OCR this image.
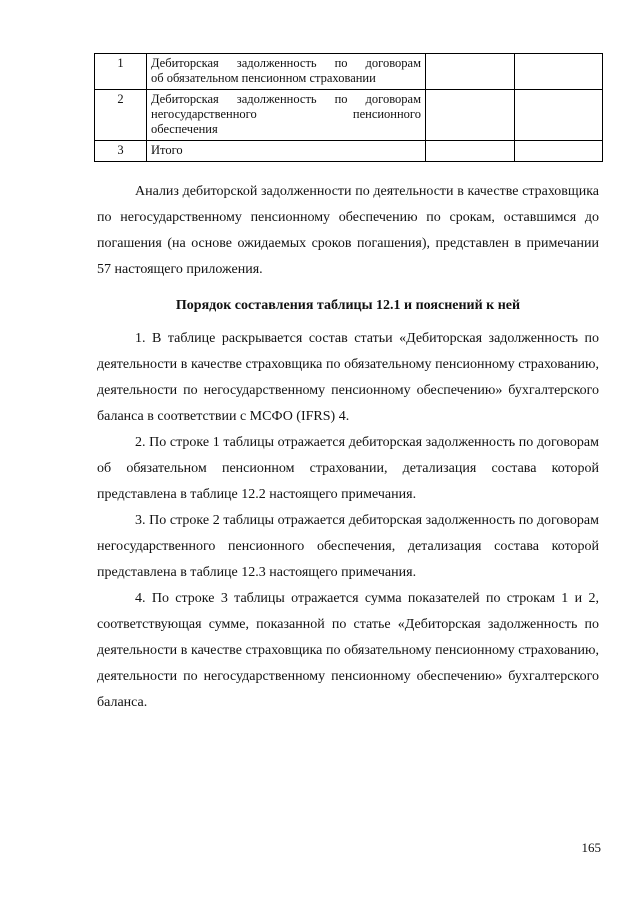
1	Дебиторская задолженность по договорам
об обязательном пенсионном страховании		

2	Дебиторская задолженность по договорам
негосударственного пенсионного
обеспечения		

3	Итого		

Анализ дебиторской задолженности по деятельности в качестве страховщика по негосударственному пенсионному обеспечению по срокам, оставшимся до погашения (на основе ожидаемых сроков погашения), представлен в примечании 57 настоящего приложения.

Порядок составления таблицы 12.1 и пояснений к ней

1. В таблице раскрывается состав статьи «Дебиторская задолженность по деятельности в качестве страховщика по обязательному пенсионному страхованию, деятельности по негосударственному пенсионному обеспечению» бухгалтерского баланса в соответствии с МСФО (IFRS) 4.

2. По строке 1 таблицы отражается дебиторская задолженность по договорам об обязательном пенсионном страховании, детализация состава которой представлена в таблице 12.2 настоящего примечания.

3. По строке 2 таблицы отражается дебиторская задолженность по договорам негосударственного пенсионного обеспечения, детализация состава которой представлена в таблице 12.3 настоящего примечания.

4. По строке 3 таблицы отражается сумма показателей по строкам 1 и 2, соответствующая сумме, показанной по статье «Дебиторская задолженность по деятельности в качестве страховщика по обязательному пенсионному страхованию, деятельности по негосударственному пенсионному обеспечению» бухгалтерского баланса.

165
